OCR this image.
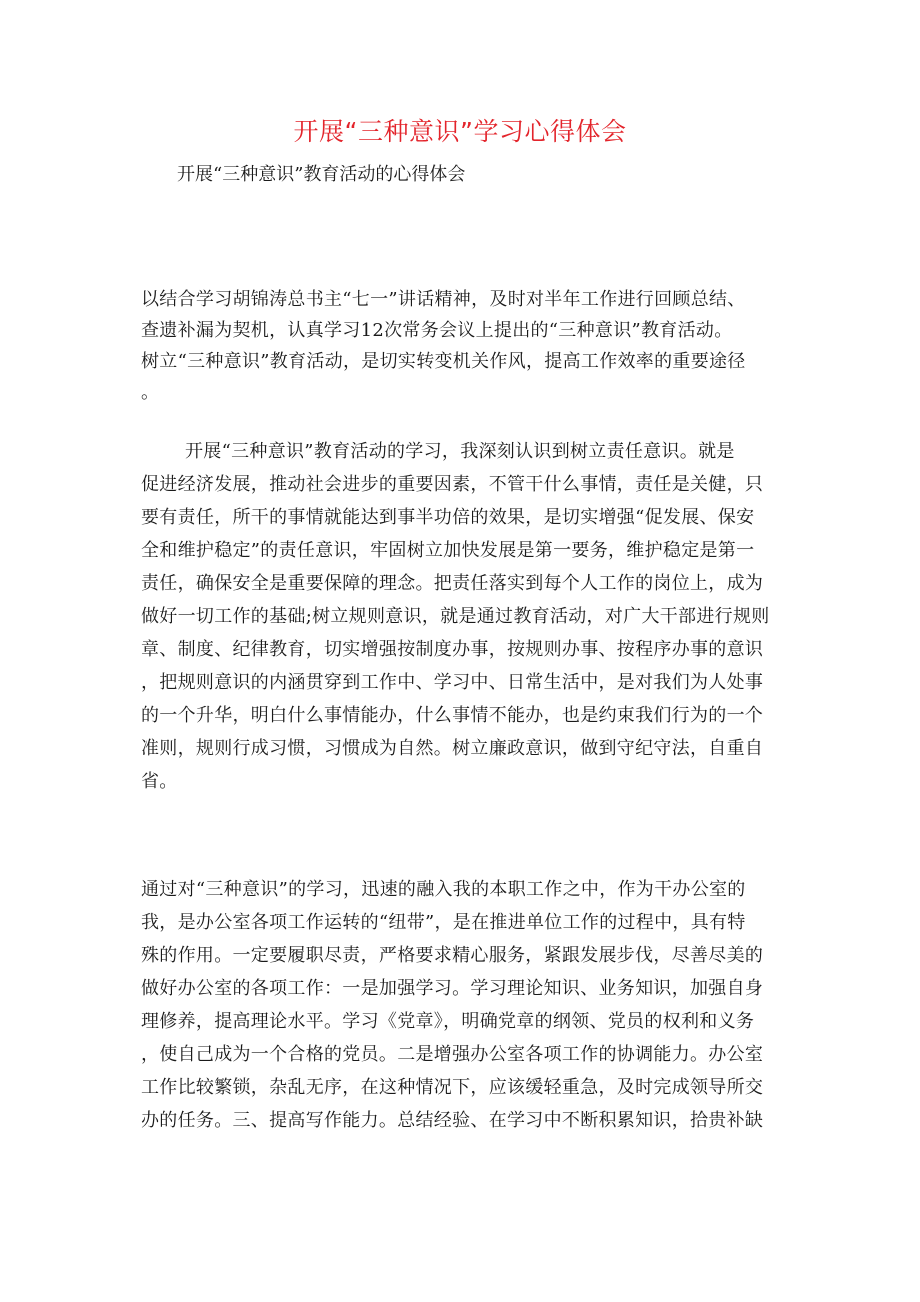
开展“三种意识”学习心得体会

开展“三种意识”教育活动的心得体会

以结合学习胡锦涛总书主“七一”讲话精神，及时对半年工作进行回顾总结、
查遗补漏为契机，认真学习12次常务会议上提出的“三种意识”教育活动。
树立“三种意识”教育活动，是切实转变机关作风，提高工作效率的重要途径
。
开展“三种意识”教育活动的学习，我深刻认识到树立责任意识。就是
促进经济发展，推动社会进步的重要因素，不管干什么事情，责任是关健，只
要有责任，所干的事情就能达到事半功倍的效果，是切实增强“促发展、保安
全和维护稳定”的责任意识，牢固树立加快发展是第一要务，维护稳定是第一
责任，确保安全是重要保障的理念。把责任落实到每个人工作的岗位上，成为
做好一切工作的基础;树立规则意识，就是通过教育活动，对广大干部进行规则
章、制度、纪律教育，切实增强按制度办事，按规则办事、按程序办事的意识
，把规则意识的内涵贯穿到工作中、学习中、日常生活中，是对我们为人处事
的一个升华，明白什么事情能办，什么事情不能办，也是约束我们行为的一个
准则，规则行成习惯，习惯成为自然。树立廉政意识，做到守纪守法，自重自
省。
通过对“三种意识”的学习，迅速的融入我的本职工作之中，作为干办公室的
我，是办公室各项工作运转的“纽带”，是在推进单位工作的过程中，具有特
殊的作用。一定要履职尽责，严格要求精心服务，紧跟发展步伐，尽善尽美的
做好办公室的各项工作：一是加强学习。学习理论知识、业务知识，加强自身
理修养，提高理论水平。学习《党章》，明确党章的纲领、党员的权利和义务
，使自己成为一个合格的党员。二是增强办公室各项工作的协调能力。办公室
工作比较繁锁，杂乱无序，在这种情况下，应该缓轻重急，及时完成领导所交
办的任务。三、提高写作能力。总结经验、在学习中不断积累知识，拾贵补缺
